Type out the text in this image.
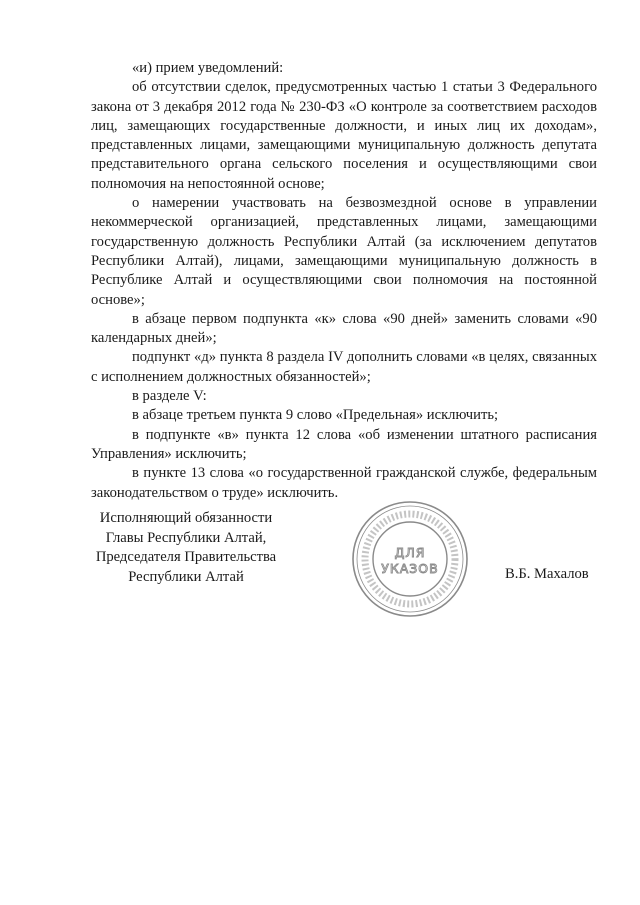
«и) прием уведомлений:

об отсутствии сделок, предусмотренных частью 1 статьи 3 Федерального закона от 3 декабря 2012 года № 230-ФЗ «О контроле за соответствием расходов лиц, замещающих государственные должности, и иных лиц их доходам», представленных лицами, замещающими муниципальную должность депутата представительного органа сельского поселения и осуществляющими свои полномочия на непостоянной основе;

о намерении участвовать на безвозмездной основе в управлении некоммерческой организацией, представленных лицами, замещающими государственную должность Республики Алтай (за исключением депутатов Республики Алтай), лицами, замещающими муниципальную должность в Республике Алтай и осуществляющими свои полномочия на постоянной основе»;

в абзаце первом подпункта «к» слова «90 дней» заменить словами «90 календарных дней»;

подпункт «д» пункта 8 раздела IV дополнить словами «в целях, связанных с исполнением должностных обязанностей»;

в разделе V:

в абзаце третьем пункта 9 слово «Предельная» исключить;

в подпункте «в» пункта 12 слова «об изменении штатного расписания Управления» исключить;

в пункте 13 слова «о государственной гражданской службе, федеральным законодательством о труде» исключить.

Исполняющий обязанности
Главы Республики Алтай,
Председателя Правительства
Республики Алтай
ДЛЯ
УКАЗОВ	В.Б. Махалов
